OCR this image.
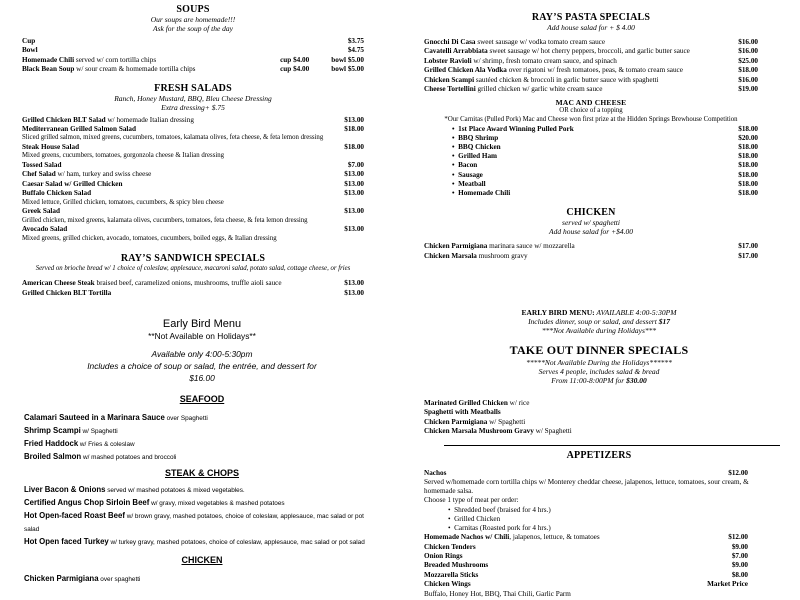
SOUPS
Our soups are homemade!!!
Ask for the soup of the day
Cup	$3.75
Bowl	$4.75
Homemade Chili served w/ corn tortilla chips	cup $4.00	bowl $5.00
Black Bean Soup w/ sour cream & homemade tortilla chips	cup $4.00	bowl $5.00
FRESH SALADS
Ranch, Honey Mustard, BBQ, Bleu Cheese Dressing
Extra dressing+ $.75
Grilled Chicken BLT Salad w/ homemade Italian dressing	$13.00
Mediterranean Grilled Salmon Salad	$18.00
Sliced grilled salmon, mixed greens, cucumbers, tomatoes, kalamata olives, feta cheese, & feta lemon dressing
Steak House Salad	$18.00
Mixed greens, cucumbers, tomatoes, gorgonzola cheese & Italian dressing
Tossed Salad	$7.00
Chef Salad w/ ham, turkey and swiss cheese	$13.00
Caesar Salad w/ Grilled Chicken	$13.00
Buffalo Chicken Salad	$13.00
Mixed lettuce, Grilled chicken, tomatoes, cucumbers, & spicy bleu cheese
Greek Salad	$13.00
Grilled chicken, mixed greens, kalamata olives, cucumbers, tomatoes, feta cheese, & feta lemon dressing
Avocado Salad	$13.00
Mixed greens, grilled chicken, avocado, tomatoes, cucumbers, boiled eggs, & Italian dressing
RAY’S SANDWICH SPECIALS
Served on brioche bread w/ 1 choice of coleslaw, applesauce, macaroni salad, potato salad, cottage cheese, or fries
American Cheese Steak braised beef, caramelized onions, mushrooms, truffle aioli sauce	$13.00
Grilled Chicken BLT Tortilla	$13.00
RAY’S PASTA SPECIALS
Add house salad for + $ 4.00
Gnocchi Di Casa sweet sausage w/ vodka tomato cream sauce	$16.00
Cavatelli Arrabbiata sweet sausage w/ hot cherry peppers, broccoli, and garlic butter sauce	$16.00
Lobster Ravioli w/ shrimp, fresh tomato cream sauce, and spinach	$25.00
Grilled Chicken Ala Vodka over rigatoni w/ fresh tomatoes, peas, & tomato cream sauce	$18.00
Chicken Scampi sautéed chicken & broccoli in garlic butter sauce with spaghetti	$16.00
Cheese Tortellini grilled chicken w/ garlic white cream sauce	$19.00
MAC AND CHEESE
OR choice of a topping
*Our Carnitas (Pulled Pork) Mac and Cheese won first prize at the Hidden Springs Brewhouse Competition
•  1st Place Award Winning Pulled Pork	$18.00
•  BBQ Shrimp	$20.00
•  BBQ Chicken	$18.00
•  Grilled Ham	$18.00
•  Bacon	$18.00
•  Sausage	$18.00
•  Meatball	$18.00
•  Homemade Chili	$18.00
CHICKEN
served w/ spaghetti
Add house salad for +$4.00
Chicken Parmigiana marinara sauce w/ mozzarella	$17.00
Chicken Marsala mushroom gravy	$17.00
Early Bird Menu
**Not Available on Holidays**
Available only 4:00-5:30pm
Includes a choice of soup or salad, the entrée, and dessert for
$16.00
SEAFOOD
Calamari Sauteed in a Marinara Sauce over Spaghetti
Shrimp Scampi w/ Spaghetti
Fried Haddock w/ Fries & coleslaw
Broiled Salmon w/ mashed potatoes and broccoli
STEAK & CHOPS
Liver Bacon & Onions served w/ mashed potatoes & mixed vegetables.
Certified Angus Chop Sirloin Beef w/ gravy, mixed vegetables & mashed potatoes
Hot Open-faced Roast Beef w/ brown gravy, mashed potatoes, choice of coleslaw, applesauce, mac salad or pot salad
Hot Open faced Turkey w/ turkey gravy, mashed potatoes, choice of coleslaw, applesauce, mac salad or pot salad
CHICKEN
Chicken Parmigiana over spaghetti
EARLY BIRD MENU: AVAILABLE 4:00-5:30PM
Includes dinner, soup or salad, and dessert $17
***Not Available during Holidays***
TAKE OUT DINNER SPECIALS
*****Not Available During the Holidays******
Serves 4 people, includes salad & bread
From 11:00-8:00PM for $30.00
Marinated Grilled Chicken w/ rice
Spaghetti with Meatballs
Chicken Parmigiana w/ Spaghetti
Chicken Marsala Mushroom Gravy w/ Spaghetti
APPETIZERS
Nachos	$12.00
Served w/homemade corn tortilla chips w/ Monterey cheddar cheese, jalapenos, lettuce, tomatoes, sour cream, & homemade salsa.
Choose 1 type of meat per order:
•  Shredded beef (braised for 4 hrs.)
•  Grilled Chicken
•  Carnitas (Roasted pork for 4 hrs.)
Homemade Nachos w/ Chili, jalapenos, lettuce, & tomatoes	$12.00
Chicken Tenders	$9.00
Onion Rings	$7.00
Breaded Mushrooms	$9.00
Mozzarella Sticks	$8.00
Chicken Wings	Market Price
Buffalo, Honey Hot, BBQ, Thai Chili, Garlic Parm
